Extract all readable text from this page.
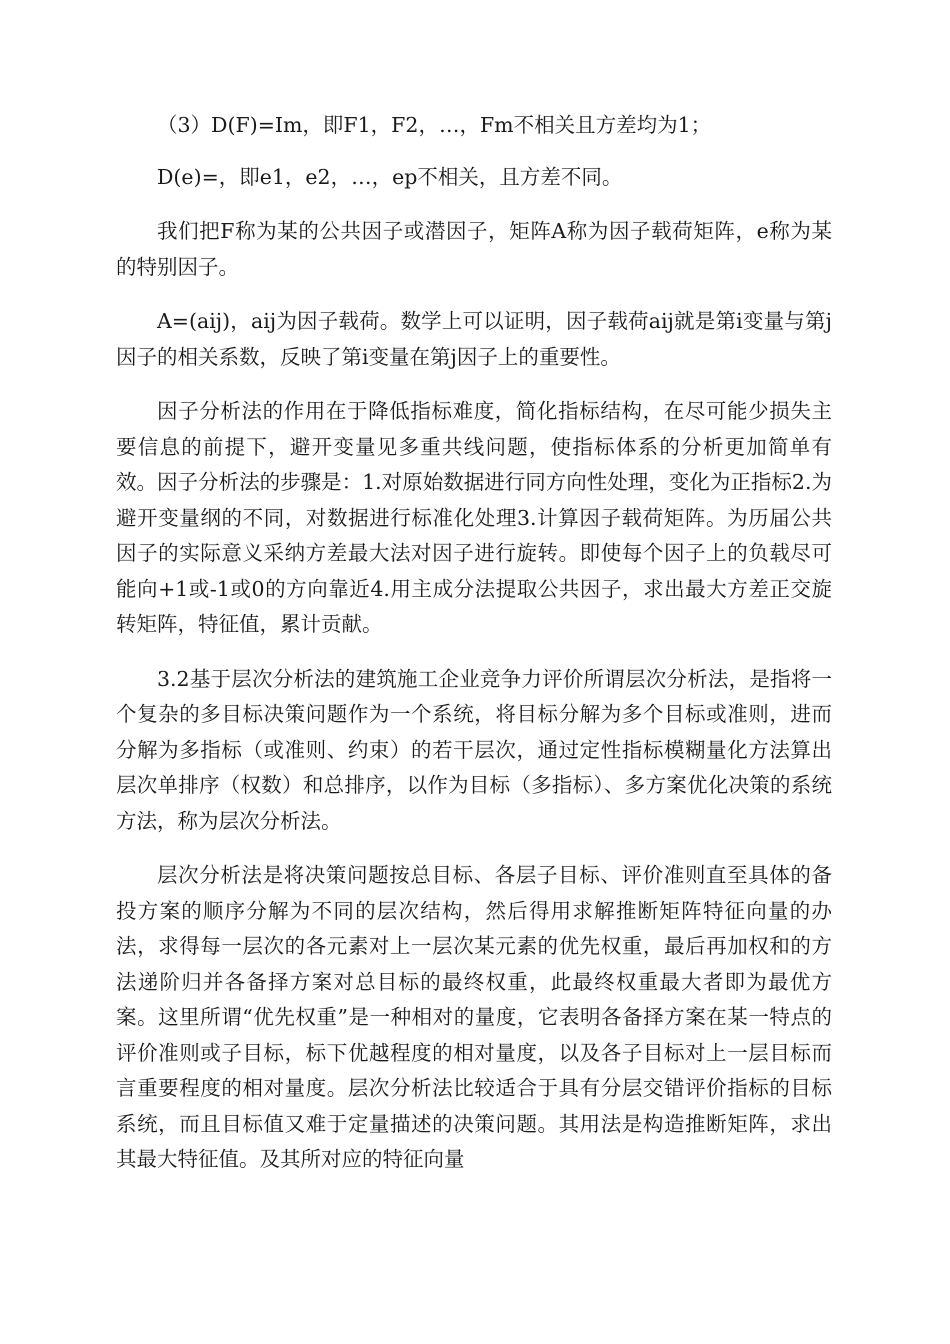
（3）D(F)=Im，即F1，F2，…，Fm不相关且方差均为1；

D(e)=，即e1，e2，…，ep不相关，且方差不同。

我们把F称为某的公共因子或潜因子，矩阵A称为因子载荷矩阵，e称为某的特别因子。

A=(aij)，aij为因子载荷。数学上可以证明，因子载荷aij就是第i变量与第j因子的相关系数，反映了第i变量在第j因子上的重要性。

因子分析法的作用在于降低指标难度，简化指标结构，在尽可能少损失主要信息的前提下，避开变量见多重共线问题，使指标体系的分析更加简单有效。因子分析法的步骤是：1.对原始数据进行同方向性处理，变化为正指标2.为避开变量纲的不同，对数据进行标准化处理3.计算因子载荷矩阵。为历届公共因子的实际意义采纳方差最大法对因子进行旋转。即使每个因子上的负载尽可能向+1或-1或0的方向靠近4.用主成分法提取公共因子，求出最大方差正交旋转矩阵，特征值，累计贡献。

3.2基于层次分析法的建筑施工企业竞争力评价所谓层次分析法，是指将一个复杂的多目标决策问题作为一个系统，将目标分解为多个目标或准则，进而分解为多指标（或准则、约束）的若干层次，通过定性指标模糊量化方法算出层次单排序（权数）和总排序，以作为目标（多指标）、多方案优化决策的系统方法，称为层次分析法。

层次分析法是将决策问题按总目标、各层子目标、评价准则直至具体的备投方案的顺序分解为不同的层次结构，然后得用求解推断矩阵特征向量的办法，求得每一层次的各元素对上一层次某元素的优先权重，最后再加权和的方法递阶归并各备择方案对总目标的最终权重，此最终权重最大者即为最优方案。这里所谓“优先权重”是一种相对的量度，它表明各备择方案在某一特点的评价准则或子目标，标下优越程度的相对量度，以及各子目标对上一层目标而言重要程度的相对量度。层次分析法比较适合于具有分层交错评价指标的目标系统，而且目标值又难于定量描述的决策问题。其用法是构造推断矩阵，求出其最大特征值。及其所对应的特征向量
